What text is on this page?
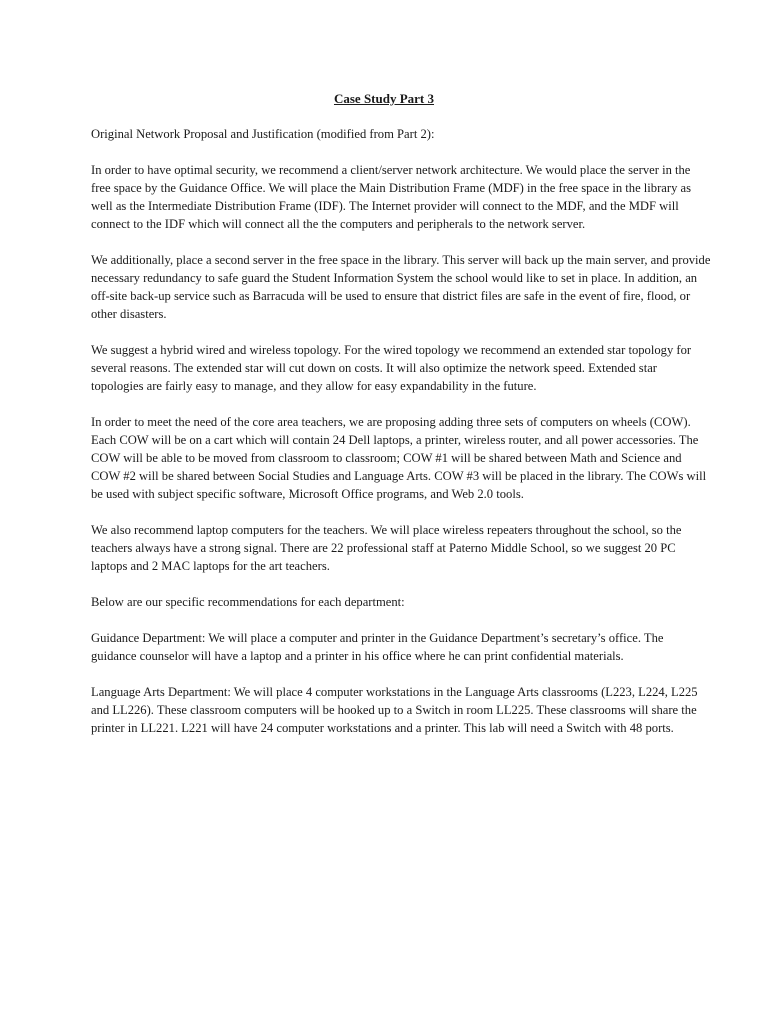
Case Study Part 3

Original Network Proposal and Justification (modified from Part 2):

In order to have optimal security, we recommend a client/server network architecture. We would place the server in the free space by the Guidance Office. We will place the Main Distribution Frame (MDF) in the free space in the library as well as the Intermediate Distribution Frame (IDF). The Internet provider will connect to the MDF, and the MDF will connect to the IDF which will connect all the the computers and peripherals to the network server.

We additionally, place a second server in the free space in the library. This server will back up the main server, and provide necessary redundancy to safe guard the Student Information System the school would like to set in place. In addition, an off-site back-up service such as Barracuda will be used to ensure that district files are safe in the event of fire, flood, or other disasters.

We suggest a hybrid wired and wireless topology. For the wired topology we recommend an extended star topology for several reasons. The extended star will cut down on costs. It will also optimize the network speed. Extended star topologies are fairly easy to manage, and they allow for easy expandability in the future.

In order to meet the need of the core area teachers, we are proposing adding three sets of computers on wheels (COW). Each COW will be on a cart which will contain 24 Dell laptops, a printer, wireless router, and all power accessories. The COW will be able to be moved from classroom to classroom; COW #1 will be shared between Math and Science and COW #2 will be shared between Social Studies and Language Arts. COW #3 will be placed in the library. The COWs will be used with subject specific software, Microsoft Office programs, and Web 2.0 tools.

We also recommend laptop computers for the teachers. We will place wireless repeaters throughout the school, so the teachers always have a strong signal. There are 22 professional staff at Paterno Middle School, so we suggest 20 PC laptops and 2 MAC laptops for the art teachers.

Below are our specific recommendations for each department:

Guidance Department: We will place a computer and printer in the Guidance Department’s secretary’s office. The guidance counselor will have a laptop and a printer in his office where he can print confidential materials.

Language Arts Department: We will place 4 computer workstations in the Language Arts classrooms (L223, L224, L225 and LL226). These classroom computers will be hooked up to a Switch in room LL225. These classrooms will share the printer in LL221. L221 will have 24 computer workstations and a printer. This lab will need a Switch with 48 ports.
